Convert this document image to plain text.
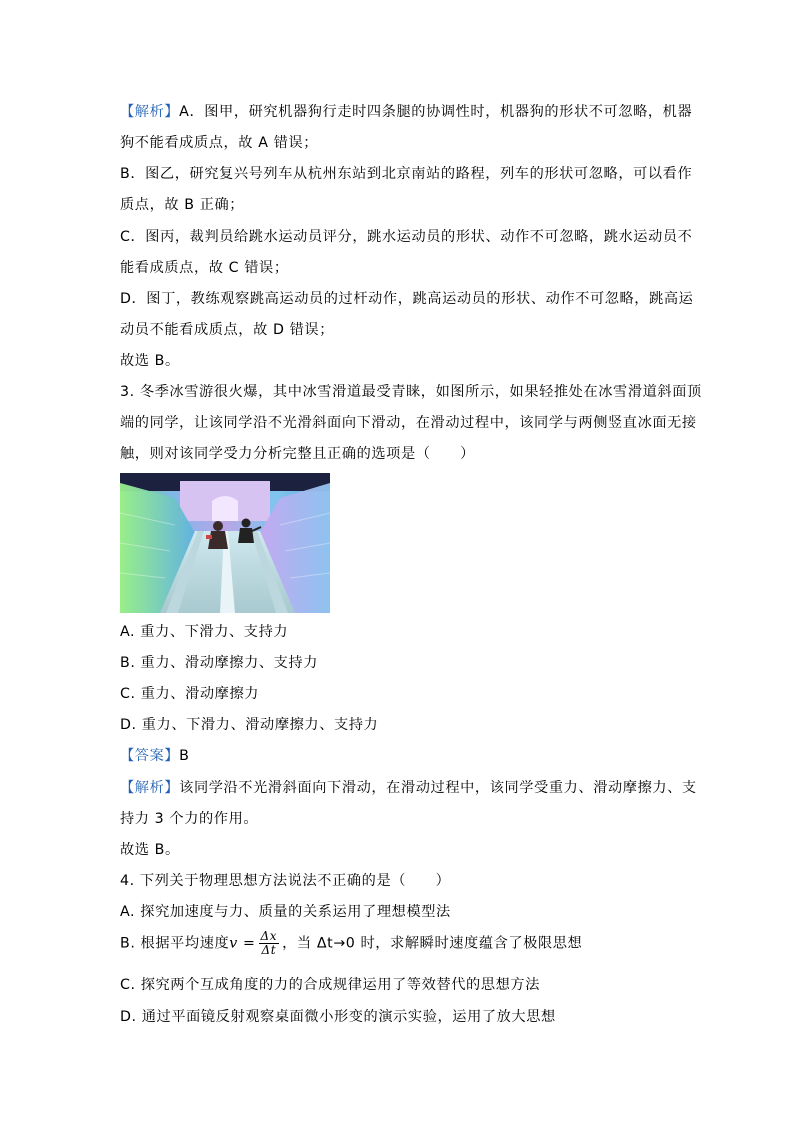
【解析】A．图甲，研究机器狗行走时四条腿的协调性时，机器狗的形状不可忽略，机器
狗不能看成质点，故 A 错误；
B．图乙，研究复兴号列车从杭州东站到北京南站的路程，列车的形状可忽略，可以看作
质点，故 B 正确；
C．图丙，裁判员给跳水运动员评分，跳水运动员的形状、动作不可忽略，跳水运动员不
能看成质点，故 C 错误；
D．图丁，教练观察跳高运动员的过杆动作，跳高运动员的形状、动作不可忽略，跳高运
动员不能看成质点，故 D 错误；
故选 B。
3. 冬季冰雪游很火爆，其中冰雪滑道最受青睐，如图所示，如果轻推处在冰雪滑道斜面顶
端的同学，让该同学沿不光滑斜面向下滑动，在滑动过程中，该同学与两侧竖直冰面无接
触，则对该同学受力分析完整且正确的选项是（　　）
A. 重力、下滑力、支持力
B. 重力、滑动摩擦力、支持力
C. 重力、滑动摩擦力
D. 重力、下滑力、滑动摩擦力、支持力
【答案】B
【解析】该同学沿不光滑斜面向下滑动，在滑动过程中，该同学受重力、滑动摩擦力、支
持力 3 个力的作用。
故选 B。
4. 下列关于物理思想方法说法不正确的是（　　）
A. 探究加速度与力、质量的关系运用了理想模型法
B. 根据平均速度$v = \frac{\Delta x}{\Delta t}$ ，当 Δt→0 时，求解瞬时速度蕴含了极限思想
C. 探究两个互成角度的力的合成规律运用了等效替代的思想方法
D. 通过平面镜反射观察桌面微小形变的演示实验，运用了放大思想
